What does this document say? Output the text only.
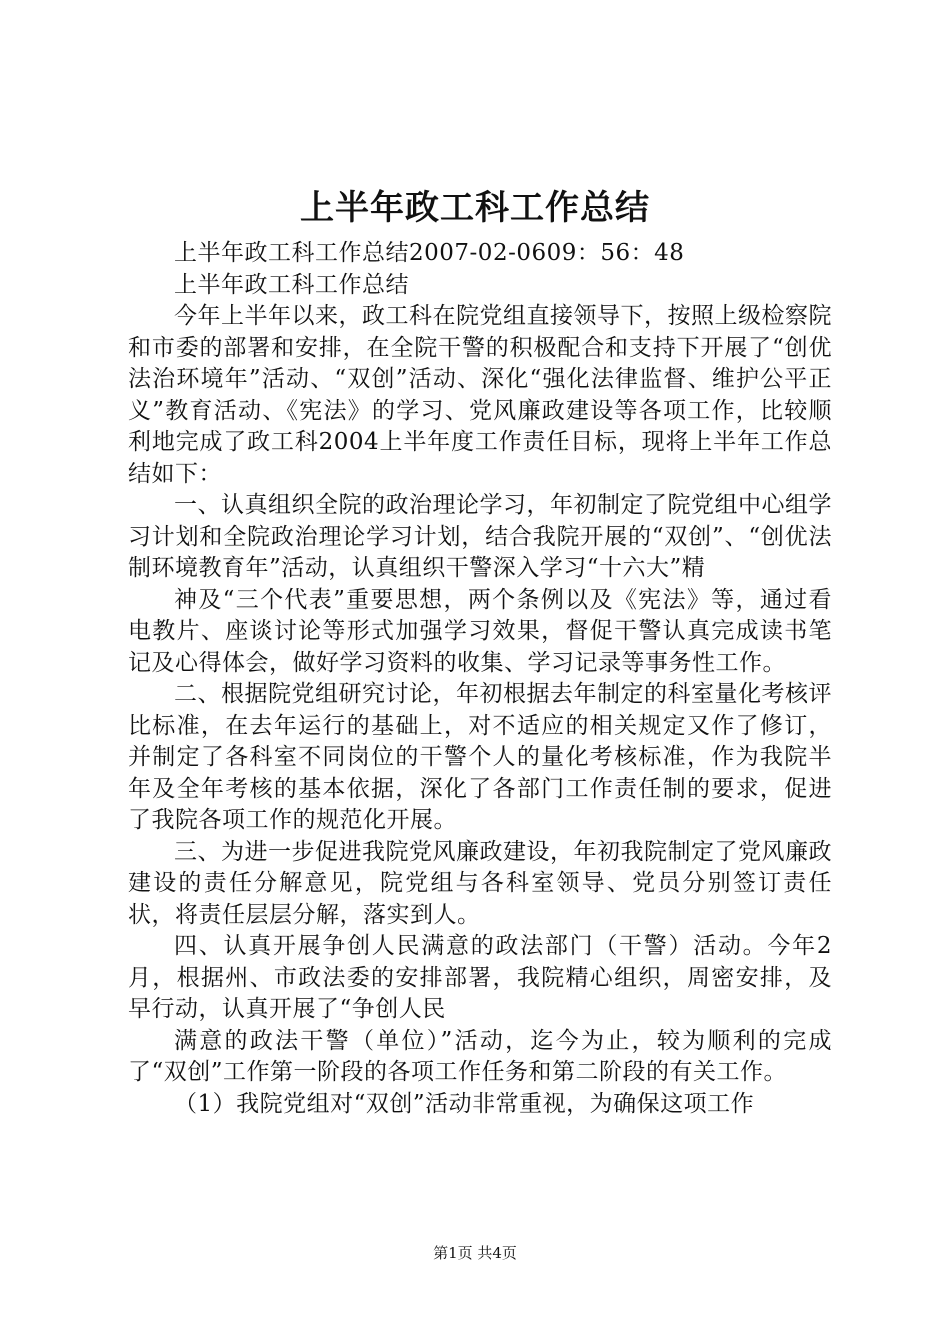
上半年政工科工作总结

上半年政工科工作总结2007-02-0609：56：48

上半年政工科工作总结

今年上半年以来，政工科在院党组直接领导下，按照上级检察院和市委的部署和安排，在全院干警的积极配合和支持下开展了“创优法治环境年”活动、“双创”活动、深化“强化法律监督、维护公平正义”教育活动、《宪法》的学习、党风廉政建设等各项工作，比较顺利地完成了政工科2004上半年度工作责任目标，现将上半年工作总结如下：

一、认真组织全院的政治理论学习，年初制定了院党组中心组学习计划和全院政治理论学习计划，结合我院开展的“双创”、“创优法制环境教育年”活动，认真组织干警深入学习“十六大”精

神及“三个代表”重要思想，两个条例以及《宪法》等，通过看电教片、座谈讨论等形式加强学习效果，督促干警认真完成读书笔记及心得体会，做好学习资料的收集、学习记录等事务性工作。

二、根据院党组研究讨论，年初根据去年制定的科室量化考核评比标准，在去年运行的基础上，对不适应的相关规定又作了修订，并制定了各科室不同岗位的干警个人的量化考核标准，作为我院半年及全年考核的基本依据，深化了各部门工作责任制的要求，促进了我院各项工作的规范化开展。

三、为进一步促进我院党风廉政建设，年初我院制定了党风廉政建设的责任分解意见，院党组与各科室领导、党员分别签订责任状，将责任层层分解，落实到人。

四、认真开展争创人民满意的政法部门（干警）活动。今年2月，根据州、市政法委的安排部署，我院精心组织，周密安排，及早行动，认真开展了“争创人民

满意的政法干警（单位）”活动，迄今为止，较为顺利的完成了“双创”工作第一阶段的各项工作任务和第二阶段的有关工作。

（1）我院党组对“双创”活动非常重视，为确保这项工作

第1页 共4页
